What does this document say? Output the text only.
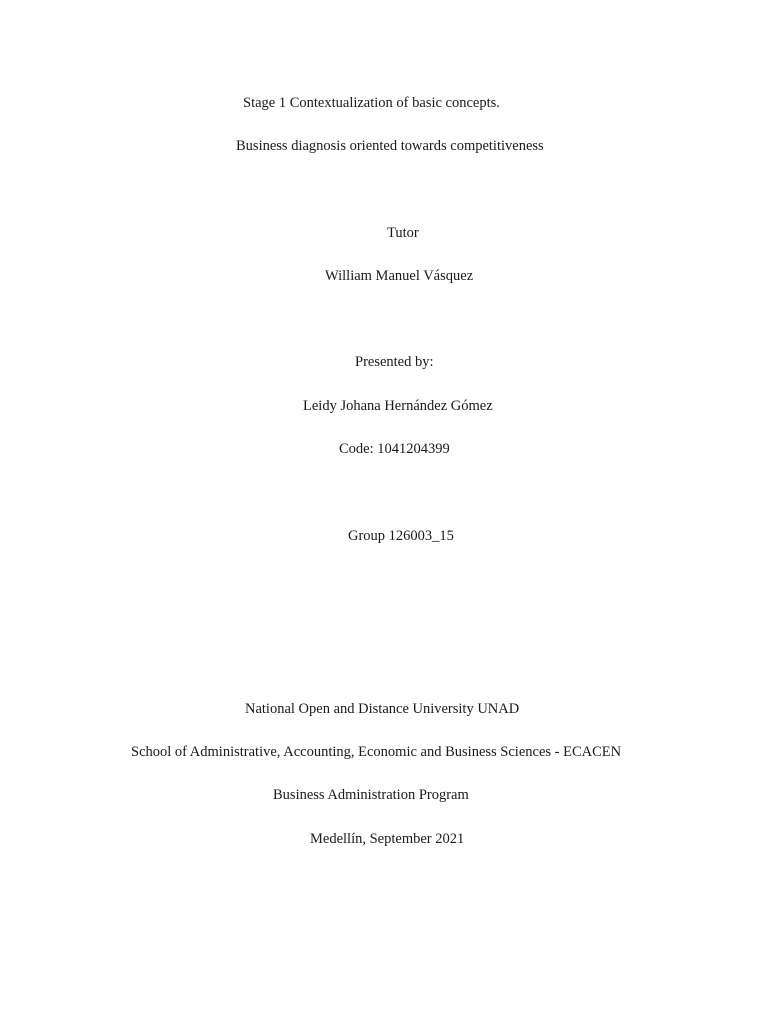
Stage 1 Contextualization of basic concepts.
Business diagnosis oriented towards competitiveness
Tutor
William Manuel Vásquez
Presented by:
Leidy Johana Hernández Gómez
Code: 1041204399
Group 126003_15
National Open and Distance University UNAD
School of Administrative, Accounting, Economic and Business Sciences - ECACEN
Business Administration Program
Medellín, September 2021
